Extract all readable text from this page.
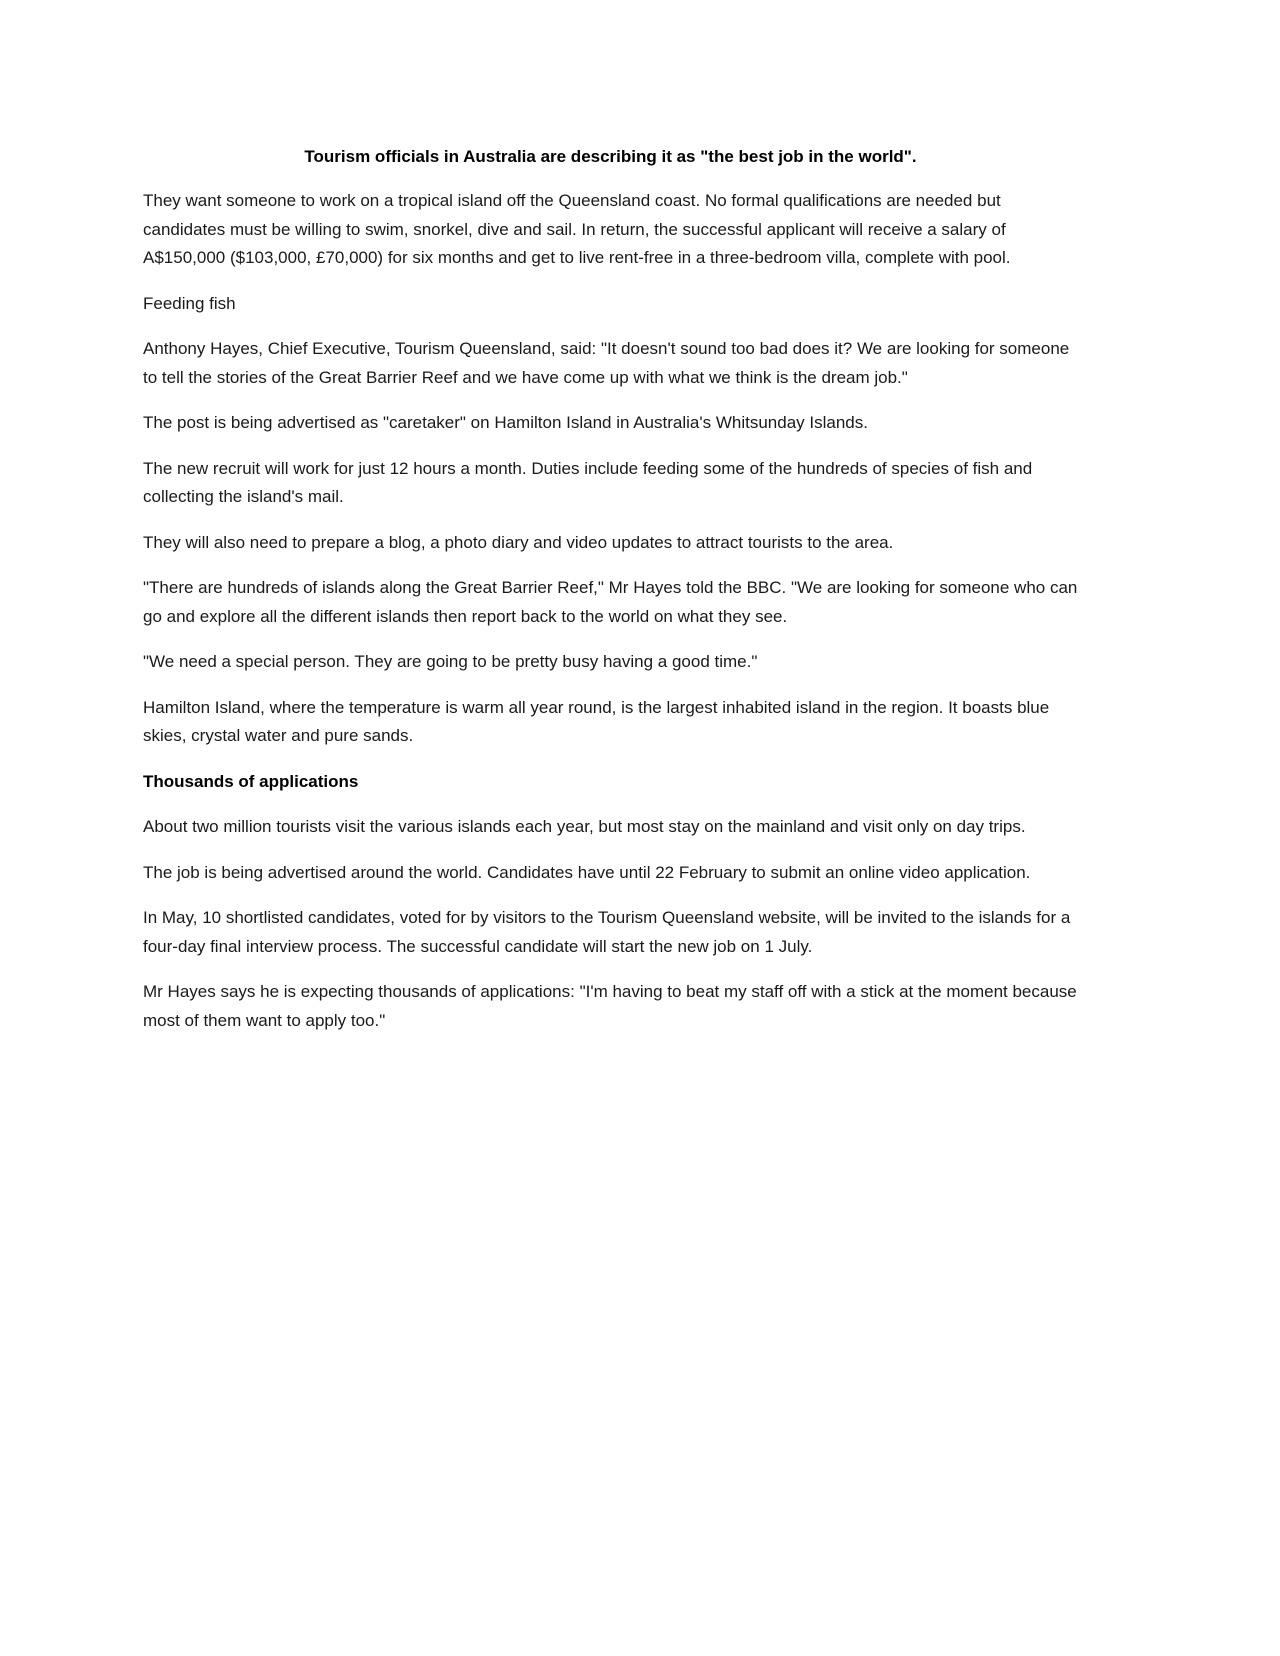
Tourism officials in Australia are describing it as "the best job in the world".

They want someone to work on a tropical island off the Queensland coast. No formal qualifications are needed but candidates must be willing to swim, snorkel, dive and sail. In return, the successful applicant will receive a salary of A$150,000 ($103,000, £70,000) for six months and get to live rent-free in a three-bedroom villa, complete with pool.

Feeding fish

Anthony Hayes, Chief Executive, Tourism Queensland, said: "It doesn't sound too bad does it? We are looking for someone to tell the stories of the Great Barrier Reef and we have come up with what we think is the dream job."

The post is being advertised as "caretaker" on Hamilton Island in Australia's Whitsunday Islands.

The new recruit will work for just 12 hours a month. Duties include feeding some of the hundreds of species of fish and collecting the island's mail.

They will also need to prepare a blog, a photo diary and video updates to attract tourists to the area.

"There are hundreds of islands along the Great Barrier Reef," Mr Hayes told the BBC. "We are looking for someone who can go and explore all the different islands then report back to the world on what they see.

"We need a special person. They are going to be pretty busy having a good time."

Hamilton Island, where the temperature is warm all year round, is the largest inhabited island in the region. It boasts blue skies, crystal water and pure sands.

Thousands of applications

About two million tourists visit the various islands each year, but most stay on the mainland and visit only on day trips.

The job is being advertised around the world. Candidates have until 22 February to submit an online video application.

In May, 10 shortlisted candidates, voted for by visitors to the Tourism Queensland website, will be invited to the islands for a four-day final interview process. The successful candidate will start the new job on 1 July.

Mr Hayes says he is expecting thousands of applications: "I'm having to beat my staff off with a stick at the moment because most of them want to apply too."
